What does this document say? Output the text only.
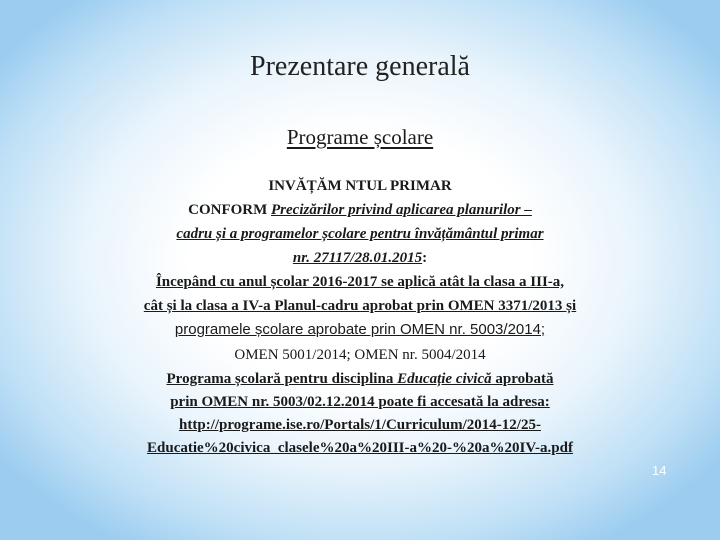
Prezentare generală
Programe școlare
INVĂȚĂM NTUL PRIMAR
CONFORM Precizărilor privind aplicarea planurilor –
cadru și a programelor școlare pentru învățământul primar
nr. 27117/28.01.2015:
Începând cu anul școlar 2016-2017 se aplică atât la clasa a III-a,
cât și la clasa a IV-a Planul-cadru aprobat prin OMEN 3371/2013 și
programele școlare aprobate prin OMEN nr. 5003/2014;
OMEN 5001/2014; OMEN nr. 5004/2014
Programa școlară pentru disciplina Educație civică aprobată
prin OMEN nr. 5003/02.12.2014 poate fi accesată la adresa:
http://programe.ise.ro/Portals/1/Curriculum/2014-12/25-
Educatie%20civica_clasele%20a%20III-a%20-%20a%20IV-a.pdf
14
